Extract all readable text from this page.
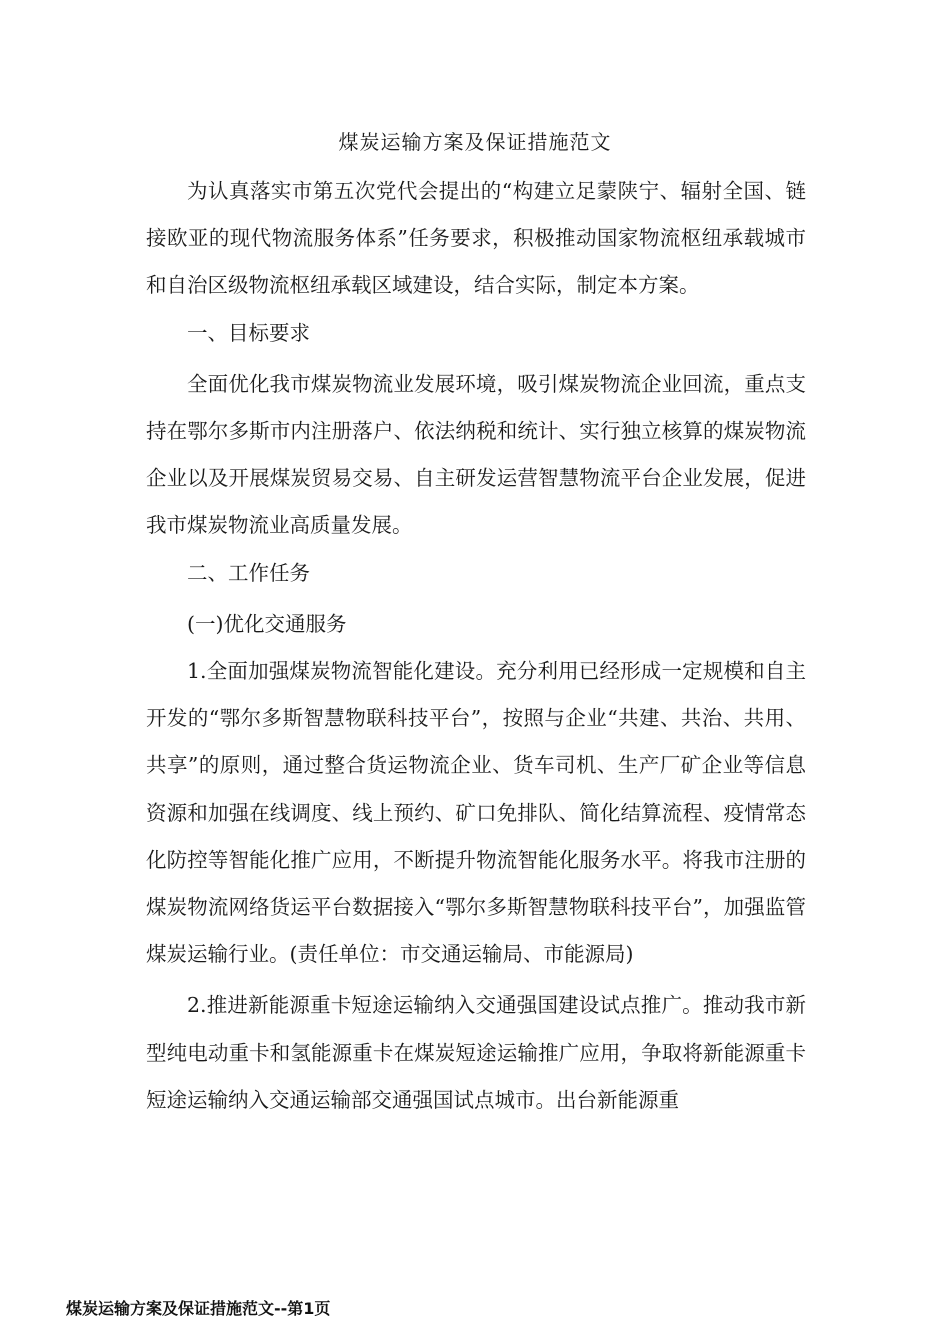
煤炭运输方案及保证措施范文

为认真落实市第五次党代会提出的“构建立足蒙陕宁、辐射全国、链接欧亚的现代物流服务体系”任务要求，积极推动国家物流枢纽承载城市和自治区级物流枢纽承载区域建设，结合实际，制定本方案。

一、目标要求

全面优化我市煤炭物流业发展环境，吸引煤炭物流企业回流，重点支持在鄂尔多斯市内注册落户、依法纳税和统计、实行独立核算的煤炭物流企业以及开展煤炭贸易交易、自主研发运营智慧物流平台企业发展，促进我市煤炭物流业高质量发展。

二、工作任务

(一)优化交通服务

1.全面加强煤炭物流智能化建设。充分利用已经形成一定规模和自主开发的“鄂尔多斯智慧物联科技平台”，按照与企业“共建、共治、共用、共享”的原则，通过整合货运物流企业、货车司机、生产厂矿企业等信息资源和加强在线调度、线上预约、矿口免排队、简化结算流程、疫情常态化防控等智能化推广应用，不断提升物流智能化服务水平。将我市注册的煤炭物流网络货运平台数据接入“鄂尔多斯智慧物联科技平台”，加强监管煤炭运输行业。(责任单位：市交通运输局、市能源局)

2.推进新能源重卡短途运输纳入交通强国建设试点推广。推动我市新型纯电动重卡和氢能源重卡在煤炭短途运输推广应用，争取将新能源重卡短途运输纳入交通运输部交通强国试点城市。出台新能源重

煤炭运输方案及保证措施范文--第1页
